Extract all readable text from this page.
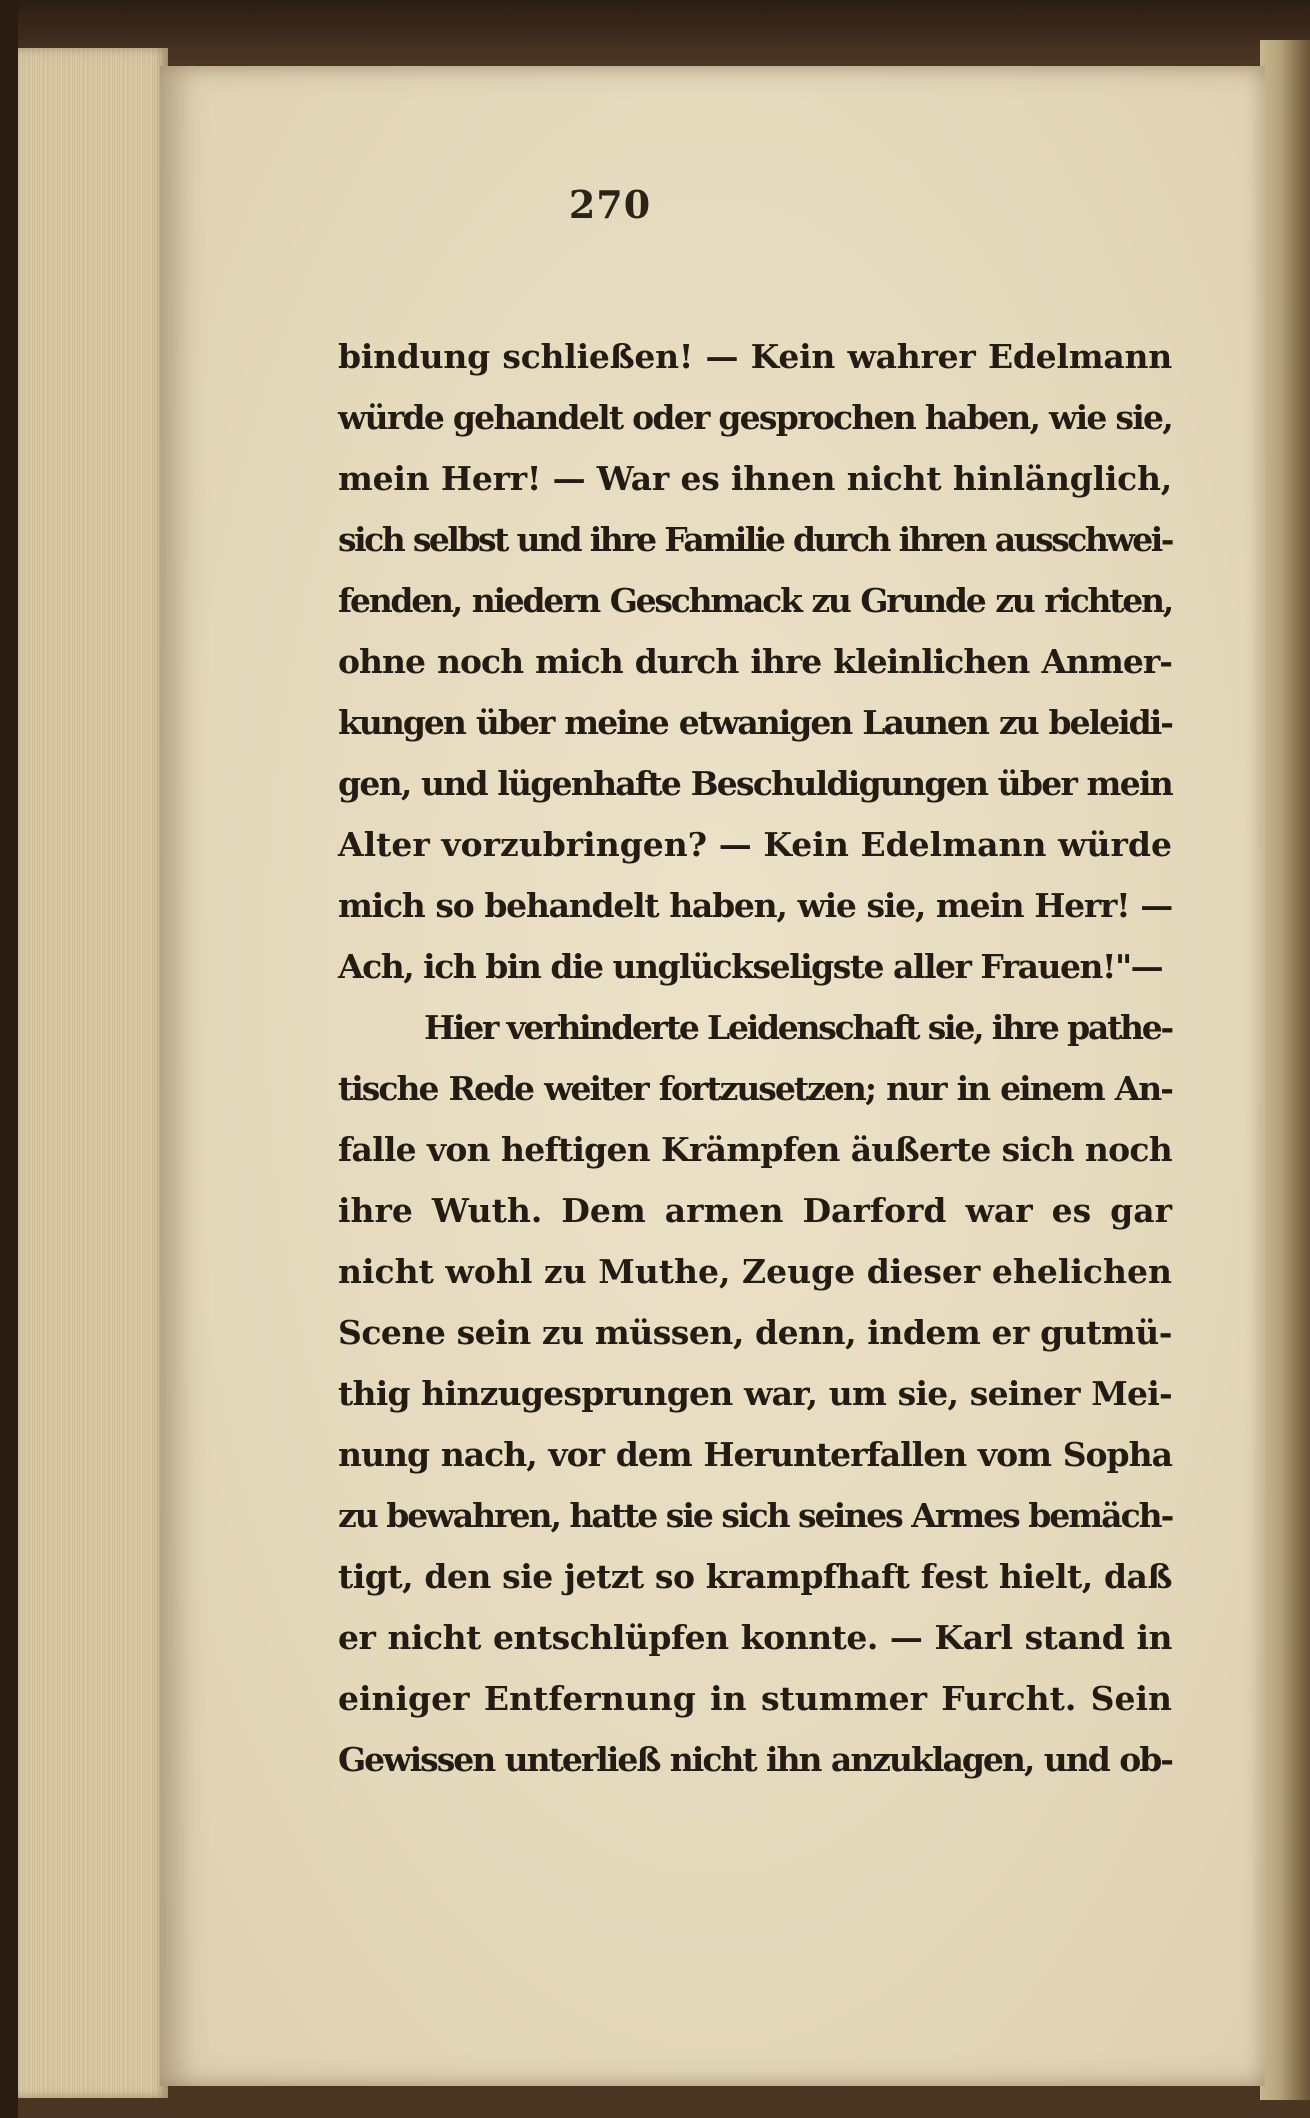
270
bindung schließen! — Kein wahrer Edelmann
würde gehandelt oder gesprochen haben, wie sie,
mein Herr! — War es ihnen nicht hinlänglich,
sich selbst und ihre Familie durch ihren ausschwei-
fenden, niedern Geschmack zu Grunde zu richten,
ohne noch mich durch ihre kleinlichen Anmer-
kungen über meine etwanigen Launen zu beleidi-
gen, und lügenhafte Beschuldigungen über mein
Alter vorzubringen? — Kein Edelmann würde
mich so behandelt haben, wie sie, mein Herr! —
Ach, ich bin die unglückseligste aller Frauen!"—
Hier verhinderte Leidenschaft sie, ihre pathe-
tische Rede weiter fortzusetzen; nur in einem An-
falle von heftigen Krämpfen äußerte sich noch
ihre Wuth. Dem armen Darford war es gar
nicht wohl zu Muthe, Zeuge dieser ehelichen
Scene sein zu müssen, denn, indem er gutmü-
thig hinzugesprungen war, um sie, seiner Mei-
nung nach, vor dem Herunterfallen vom Sopha
zu bewahren, hatte sie sich seines Armes bemäch-
tigt, den sie jetzt so krampfhaft fest hielt, daß
er nicht entschlüpfen konnte. — Karl stand in
einiger Entfernung in stummer Furcht. Sein
Gewissen unterließ nicht ihn anzuklagen, und ob-
